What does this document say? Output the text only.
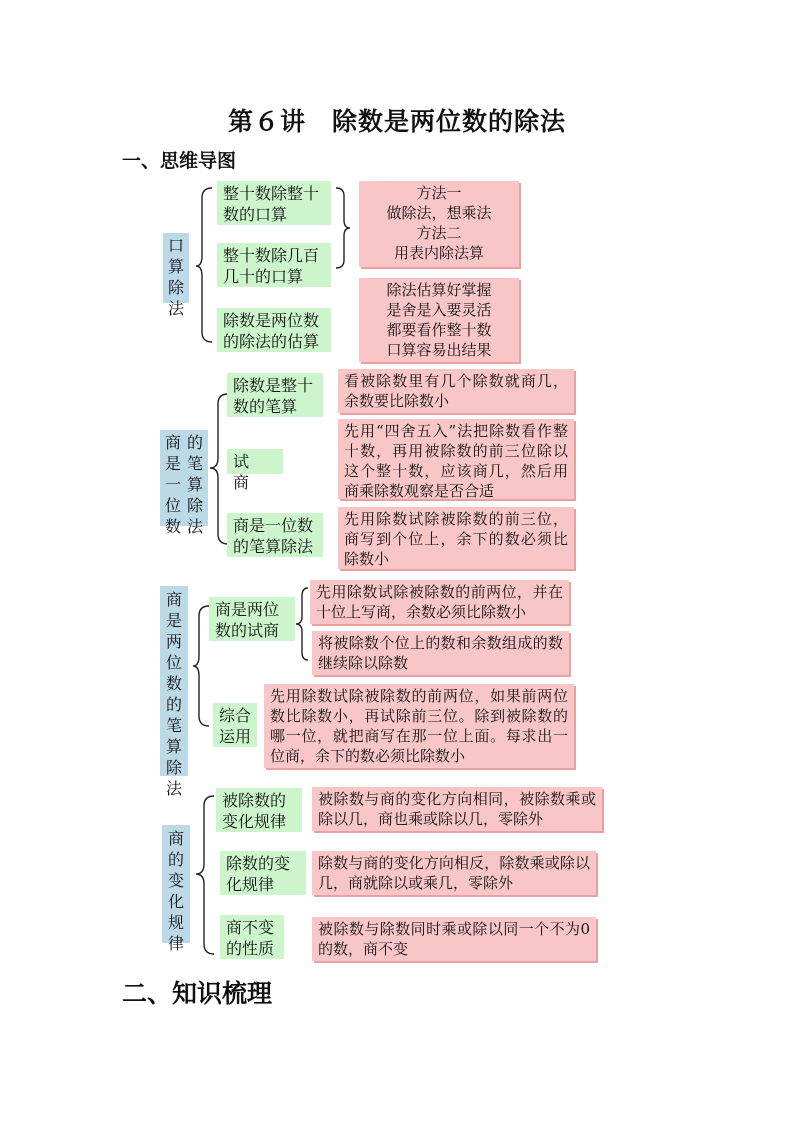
第６讲　除数是两位数的除法
一、思维导图
二、知识梳理
口算除法
整十数除整十数的口算
整十数除几百几十的口算
除数是两位数的除法的估算
方法一
做除法，想乘法
方法二
用表内除法算
除法估算好掌握
是舍是入要灵活
都要看作整十数
口算容易出结果
商
是
一
位
数
的
笔
算
除
法
除数是整十数的笔算
试　商
商是一位数的笔算除法
看被除数里有几个除数就商几，余数要比除数小
先用“四舍五入”法把除数看作整十数，再用被除数的前三位除以这个整十数，应该商几，然后用商乘除数观察是否合适
先用除数试除被除数的前三位，商写到个位上，余下的数必须比除数小
商是两位数的笔算除法
商是两位数的试商
综合运用
先用除数试除被除数的前两位，并在十位上写商，余数必须比除数小
将被除数个位上的数和余数组成的数继续除以除数
先用除数试除被除数的前两位，如果前两位数比除数小，再试除前三位。除到被除数的哪一位，就把商写在那一位上面。每求出一位商，余下的数必须比除数小
商的变化规律
被除数的变化规律
除数的变化规律
商不变的性质
被除数与商的变化方向相同，被除数乘或除以几，商也乘或除以几，零除外
除数与商的变化方向相反，除数乘或除以几，商就除以或乘几，零除外
被除数与除数同时乘或除以同一个不为0的数，商不变
